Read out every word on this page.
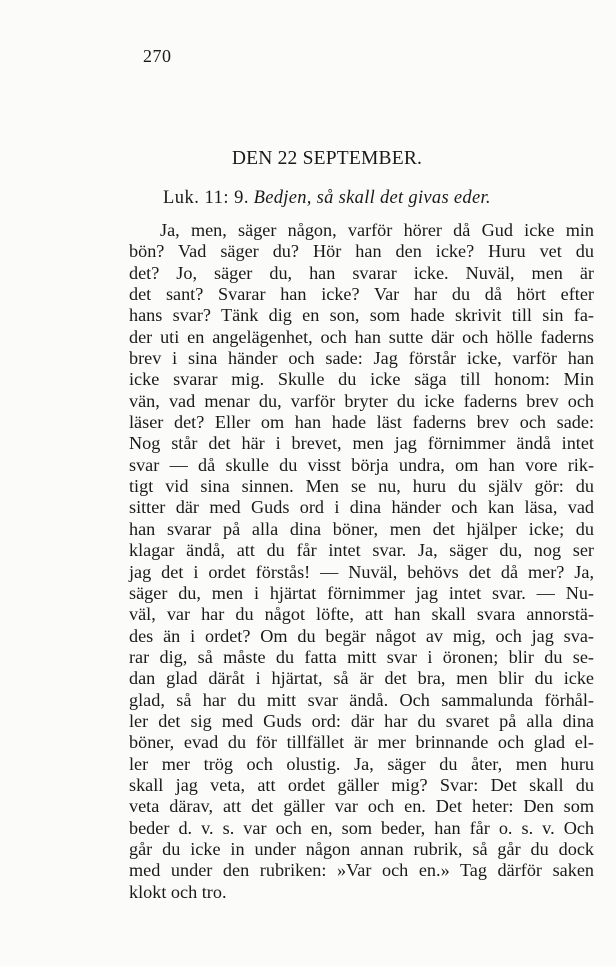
270
DEN 22 SEPTEMBER.
Luk. 11: 9. Bedjen, så skall det givas eder.
Ja, men, säger någon, varför hörer då Gud icke min
bön? Vad säger du? Hör han den icke? Huru vet du
det? Jo, säger du, han svarar icke. Nuväl, men är
det sant? Svarar han icke? Var har du då hört efter
hans svar? Tänk dig en son, som hade skrivit till sin fa-
der uti en angelägenhet, och han sutte där och hölle faderns
brev i sina händer och sade: Jag förstår icke, varför han
icke svarar mig. Skulle du icke säga till honom: Min
vän, vad menar du, varför bryter du icke faderns brev och
läser det? Eller om han hade läst faderns brev och sade:
Nog står det här i brevet, men jag förnimmer ändå intet
svar — då skulle du visst börja undra, om han vore rik-
tigt vid sina sinnen. Men se nu, huru du själv gör: du
sitter där med Guds ord i dina händer och kan läsa, vad
han svarar på alla dina böner, men det hjälper icke; du
klagar ändå, att du får intet svar. Ja, säger du, nog ser
jag det i ordet förstås! — Nuväl, behövs det då mer? Ja,
säger du, men i hjärtat förnimmer jag intet svar. — Nu-
väl, var har du något löfte, att han skall svara annorstä-
des än i ordet? Om du begär något av mig, och jag sva-
rar dig, så måste du fatta mitt svar i öronen; blir du se-
dan glad däråt i hjärtat, så är det bra, men blir du icke
glad, så har du mitt svar ändå. Och sammalunda förhål-
ler det sig med Guds ord: där har du svaret på alla dina
böner, evad du för tillfället är mer brinnande och glad el-
ler mer trög och olustig. Ja, säger du åter, men huru
skall jag veta, att ordet gäller mig? Svar: Det skall du
veta därav, att det gäller var och en. Det heter: Den som
beder d. v. s. var och en, som beder, han får o. s. v. Och
går du icke in under någon annan rubrik, så går du dock
med under den rubriken: »Var och en.» Tag därför saken
klokt och tro.
